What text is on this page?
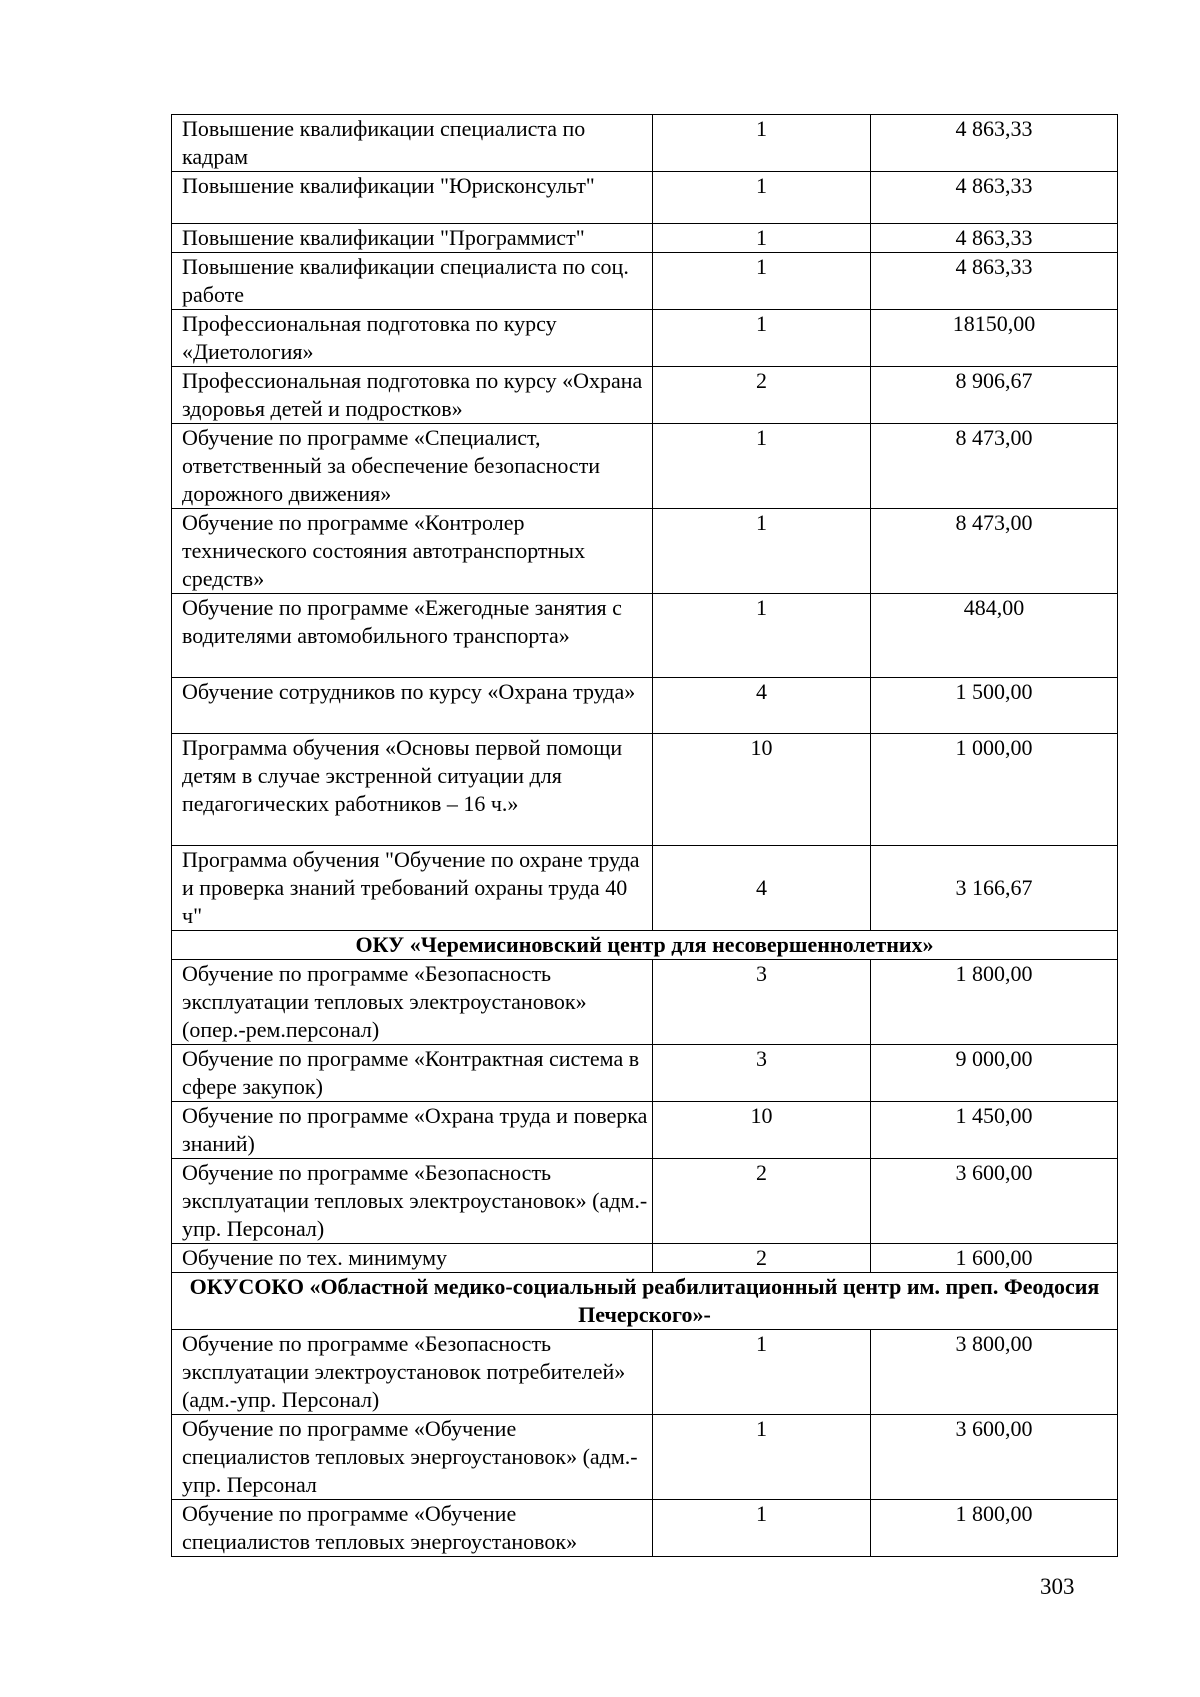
Повышение квалификации специалиста по кадрам	1	4 863,33
Повышение квалификации "Юрисконсульт"	1	4 863,33
Повышение квалификации "Программист"	1	4 863,33
Повышение квалификации специалиста по соц. работе	1	4 863,33
Профессиональная подготовка по курсу «Диетология»	1	18150,00
Профессиональная подготовка по курсу «Охрана здоровья детей и подростков»	2	8 906,67
Обучение по программе «Специалист, ответственный за обеспечение безопасности дорожного движения»	1	8 473,00
Обучение по программе «Контролер технического состояния автотранспортных средств»	1	8 473,00
Обучение по программе «Ежегодные занятия с водителями автомобильного транспорта»	1	484,00
Обучение сотрудников по курсу «Охрана труда»	4	1 500,00
Программа обучения «Основы первой помощи детям в случае экстренной ситуации для педагогических работников – 16 ч.»	10	1 000,00
Программа обучения "Обучение по охране труда и проверка знаний требований охраны труда 40 ч"	4	3 166,67
ОКУ «Черемисиновский центр для несовершеннолетних»		
Обучение по программе «Безопасность эксплуатации тепловых электроустановок» (опер.-рем.персонал)	3	1 800,00
Обучение по программе «Контрактная система в сфере закупок)	3	9 000,00
Обучение по программе «Охрана труда и поверка знаний)	10	1 450,00
Обучение по программе «Безопасность эксплуатации тепловых электроустановок» (адм.-упр. Персонал)	2	3 600,00
Обучение по тех. минимуму	2	1 600,00
ОКУСОКО «Областной медико-социальный реабилитационный центр им. преп. Феодосия Печерского»-		
Обучение по программе «Безопасность эксплуатации электроустановок потребителей» (адм.-упр. Персонал)	1	3 800,00
Обучение по программе «Обучение специалистов тепловых энергоустановок» (адм.-упр. Персонал	1	3 600,00
Обучение по программе «Обучение специалистов тепловых энергоустановок»	1	1 800,00
303
